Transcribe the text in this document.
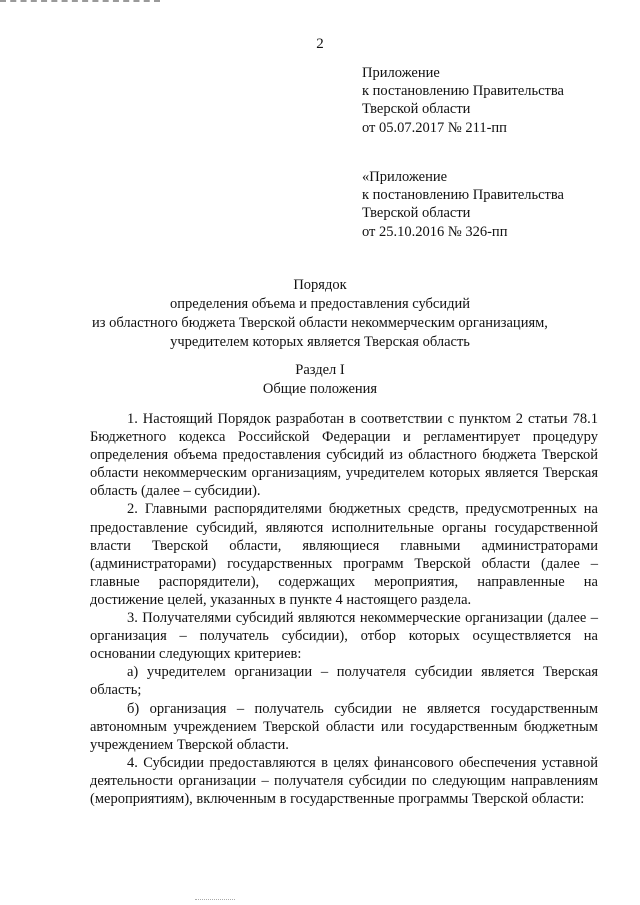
2
Приложение
к постановлению Правительства
Тверской области
от 05.07.2017 № 211-пп
«Приложение
к постановлению Правительства
Тверской области
от 25.10.2016 № 326-пп
Порядок
определения объема и предоставления субсидий
из областного бюджета Тверской области некоммерческим организациям,
учредителем которых является Тверская область
Раздел I
Общие положения

1. Настоящий Порядок разработан в соответствии с пунктом 2 статьи 78.1 Бюджетного кодекса Российской Федерации и регламентирует процедуру определения объема предоставления субсидий из областного бюджета Тверской области некоммерческим организациям, учредителем которых является Тверская область (далее – субсидии).

2. Главными распорядителями бюджетных средств, предусмотренных на предоставление субсидий, являются исполнительные органы государственной власти Тверской области, являющиеся главными администраторами (администраторами) государственных программ Тверской области (далее – главные распорядители), содержащих мероприятия, направленные на достижение целей, указанных в пункте 4 настоящего раздела.

3. Получателями субсидий являются некоммерческие организации (далее – организация – получатель субсидии), отбор которых осуществляется на основании следующих критериев:

а) учредителем организации – получателя субсидии является Тверская область;

б) организация – получатель субсидии не является государственным автономным учреждением Тверской области или государственным бюджетным учреждением Тверской области.

4. Субсидии предоставляются в целях финансового обеспечения уставной деятельности организации – получателя субсидии по следующим направлениям (мероприятиям), включенным в государственные программы Тверской области:
